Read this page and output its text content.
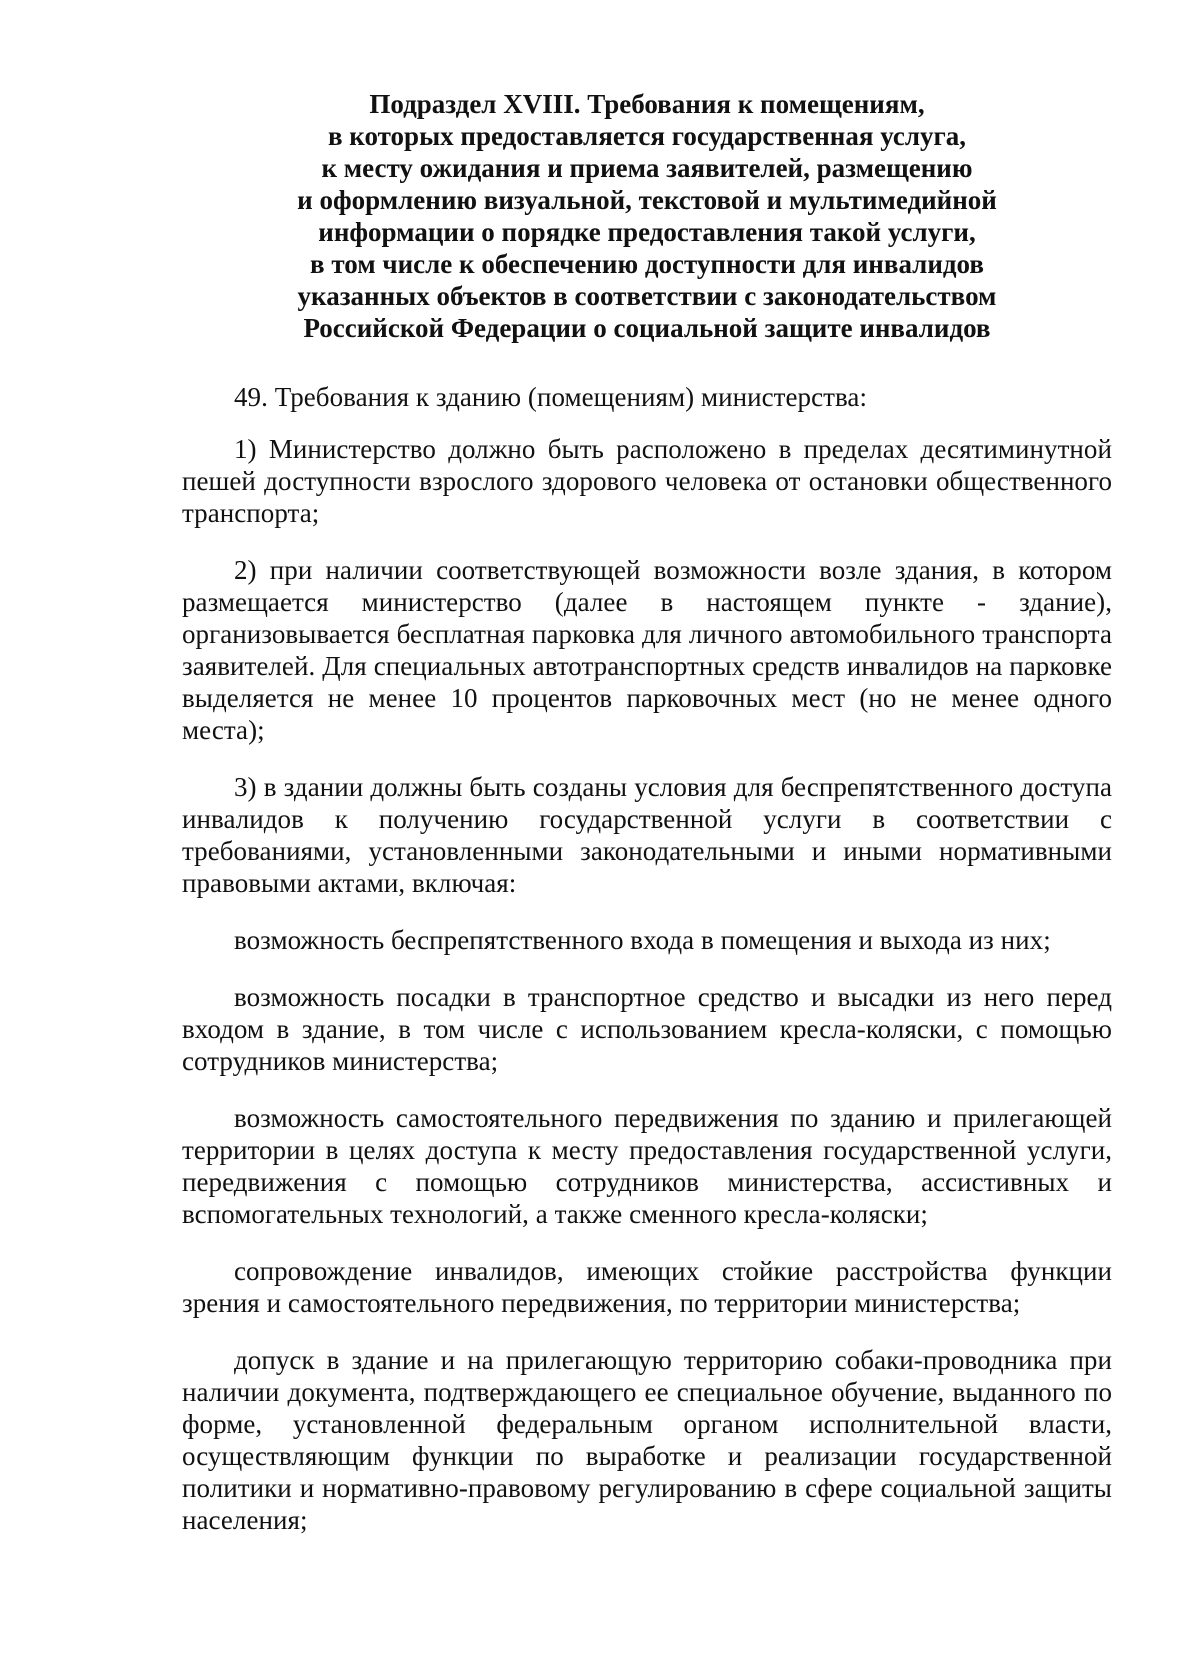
Подраздел XVIII. Требования к помещениям,
в которых предоставляется государственная услуга,
к месту ожидания и приема заявителей, размещению
и оформлению визуальной, текстовой и мультимедийной
информации о порядке предоставления такой услуги,
в том числе к обеспечению доступности для инвалидов
указанных объектов в соответствии с законодательством
Российской Федерации о социальной защите инвалидов

49. Требования к зданию (помещениям) министерства:

1) Министерство должно быть расположено в пределах десятиминутной пешей доступности взрослого здорового человека от остановки общественного транспорта;

2) при наличии соответствующей возможности возле здания, в котором размещается министерство (далее в настоящем пункте - здание), организовывается бесплатная парковка для личного автомобильного транспорта заявителей. Для специальных автотранспортных средств инвалидов на парковке выделяется не менее 10 процентов парковочных мест (но не менее одного места);

3) в здании должны быть созданы условия для беспрепятственного доступа инвалидов к получению государственной услуги в соответствии с требованиями, установленными законодательными и иными нормативными правовыми актами, включая:

возможность беспрепятственного входа в помещения и выхода из них;

возможность посадки в транспортное средство и высадки из него перед входом в здание, в том числе с использованием кресла-коляски, с помощью сотрудников министерства;

возможность самостоятельного передвижения по зданию и прилегающей территории в целях доступа к месту предоставления государственной услуги, передвижения с помощью сотрудников министерства, ассистивных и вспомогательных технологий, а также сменного кресла-коляски;

сопровождение инвалидов, имеющих стойкие расстройства функции зрения и самостоятельного передвижения, по территории министерства;

допуск в здание и на прилегающую территорию собаки-проводника при наличии документа, подтверждающего ее специальное обучение, выданного по форме, установленной федеральным органом исполнительной власти, осуществляющим функции по выработке и реализации государственной политики и нормативно-правовому регулированию в сфере социальной защиты населения;
